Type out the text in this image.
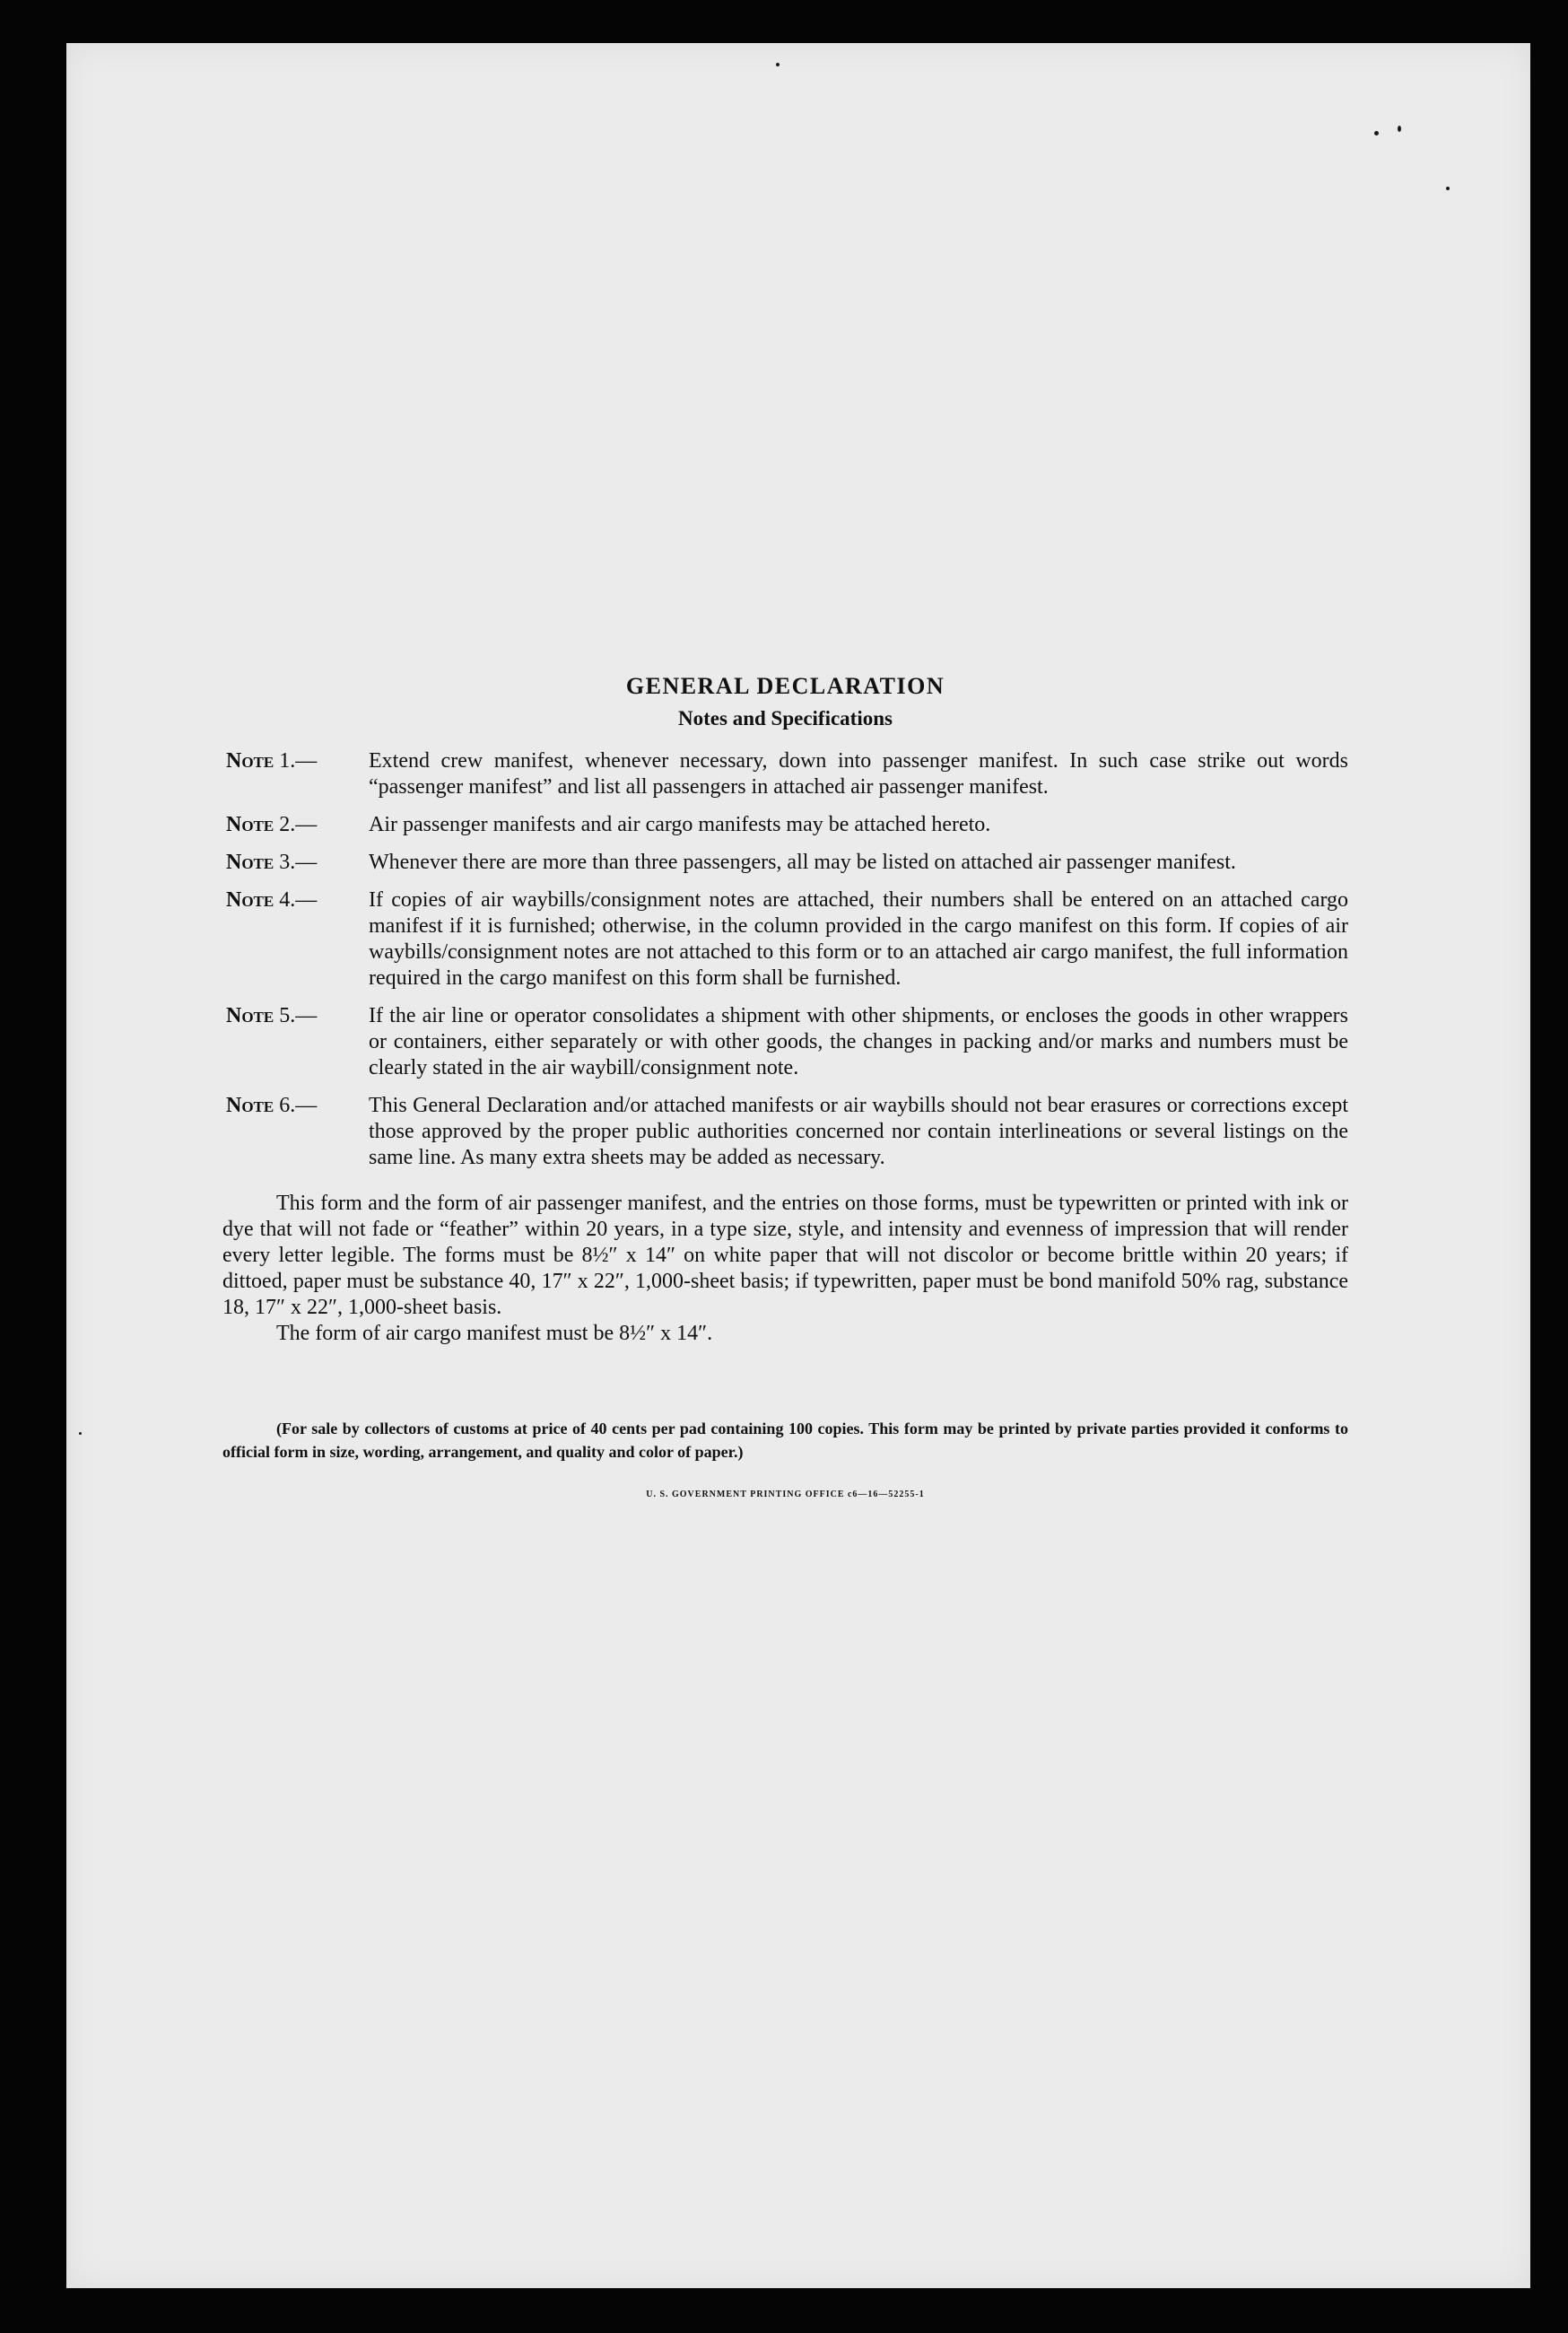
GENERAL DECLARATION
Notes and Specifications
Note 1.— Extend crew manifest, whenever necessary, down into passenger manifest. In such case strike out words “passenger manifest” and list all passengers in attached air passenger manifest.
Note 2.— Air passenger manifests and air cargo manifests may be attached hereto.
Note 3.— Whenever there are more than three passengers, all may be listed on attached air passenger manifest.
Note 4.— If copies of air waybills/consignment notes are attached, their numbers shall be entered on an attached cargo manifest if it is furnished; otherwise, in the column provided in the cargo manifest on this form. If copies of air waybills/consignment notes are not attached to this form or to an attached air cargo manifest, the full information required in the cargo manifest on this form shall be furnished.
Note 5.— If the air line or operator consolidates a shipment with other shipments, or encloses the goods in other wrappers or containers, either separately or with other goods, the changes in packing and/or marks and numbers must be clearly stated in the air waybill/consignment note.
Note 6.— This General Declaration and/or attached manifests or air waybills should not bear erasures or corrections except those approved by the proper public authorities concerned nor contain interlineations or several listings on the same line. As many extra sheets may be added as necessary.

This form and the form of air passenger manifest, and the entries on those forms, must be typewritten or printed with ink or dye that will not fade or “feather” within 20 years, in a type size, style, and intensity and evenness of impression that will render every letter legible. The forms must be 8½″ x 14″ on white paper that will not discolor or become brittle within 20 years; if dittoed, paper must be substance 40, 17″ x 22″, 1,000-sheet basis; if typewritten, paper must be bond manifold 50% rag, substance 18, 17″ x 22″, 1,000-sheet basis.

The form of air cargo manifest must be 8½″ x 14″.

(For sale by collectors of customs at price of 40 cents per pad containing 100 copies. This form may be printed by private parties provided it conforms to official form in size, wording, arrangement, and quality and color of paper.)

U. S. GOVERNMENT PRINTING OFFICE c6—16—52255-1
